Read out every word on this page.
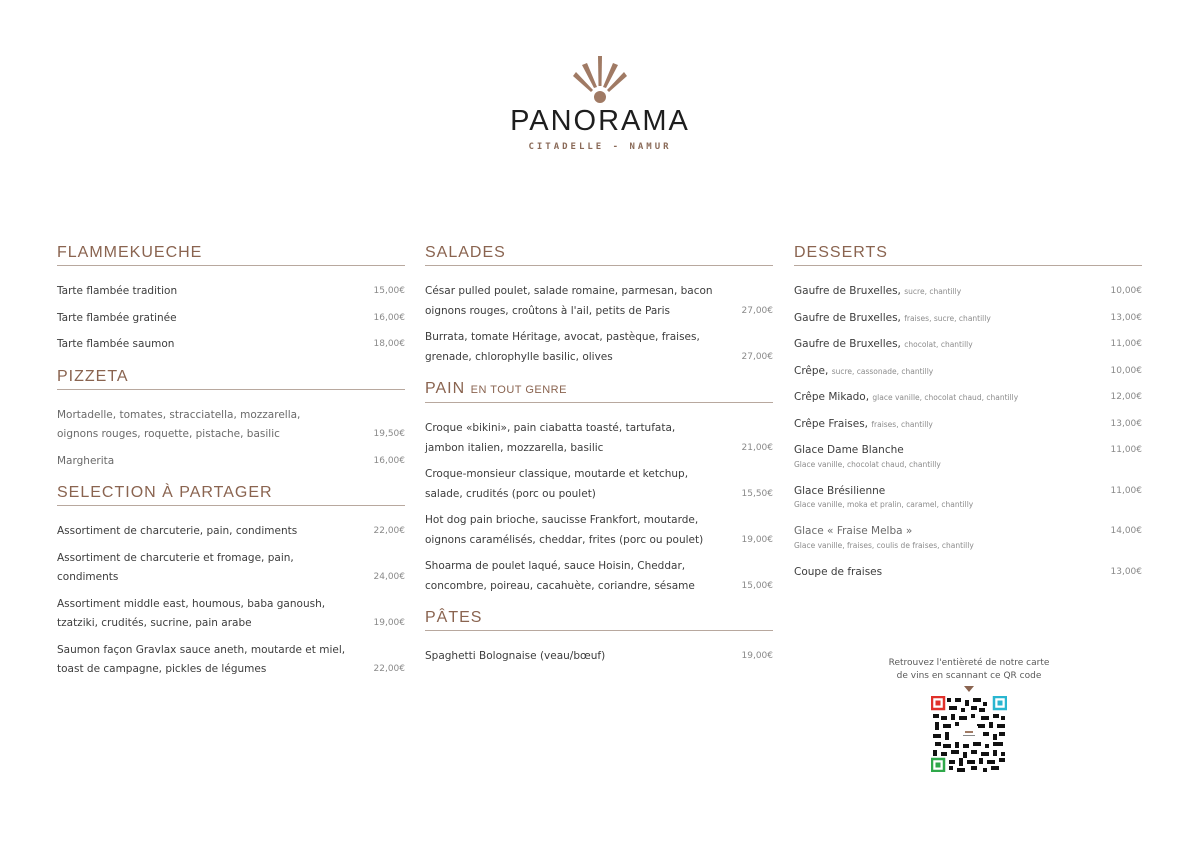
PANORAMA
CITADELLE - NAMUR
FLAMMEKUECHE
Tarte flambée tradition	15,00€
Tarte flambée gratinée	16,00€
Tarte flambée saumon	18,00€
PIZZETA
Mortadelle, tomates, stracciatella, mozzarella,
oignons rouges, roquette, pistache, basilic	19,50€
Margherita	16,00€
SELECTION À PARTAGER
Assortiment de charcuterie, pain, condiments	22,00€
Assortiment de charcuterie et fromage, pain,
condiments	24,00€
Assortiment middle east, houmous, baba ganoush,
tzatziki, crudités, sucrine, pain arabe	19,00€
Saumon façon Gravlax sauce aneth, moutarde et miel,
toast de campagne, pickles de légumes	22,00€
SALADES
César pulled poulet, salade romaine, parmesan, bacon
oignons rouges, croûtons à l'ail, petits de Paris	27,00€
Burrata, tomate Héritage, avocat, pastèque, fraises,
grenade, chlorophylle basilic, olives	27,00€
PAIN EN TOUT GENRE
Croque «bikini», pain ciabatta toasté, tartufata,
jambon italien, mozzarella, basilic	21,00€
Croque-monsieur classique, moutarde et ketchup,
salade, crudités (porc ou poulet)	15,50€
Hot dog pain brioche, saucisse Frankfort, moutarde,
oignons caramélisés, cheddar, frites (porc ou poulet)	19,00€
Shoarma de poulet laqué, sauce Hoisin, Cheddar,
concombre, poireau, cacahuète, coriandre, sésame	15,00€
PÂTES
Spaghetti Bolognaise (veau/bœuf)	19,00€
DESSERTS
Gaufre de Bruxelles, sucre, chantilly	10,00€
Gaufre de Bruxelles, fraises, sucre, chantilly	13,00€
Gaufre de Bruxelles, chocolat, chantilly	11,00€
Crêpe, sucre, cassonade, chantilly	10,00€
Crêpe Mikado, glace vanille, chocolat chaud, chantilly	12,00€
Crêpe Fraises, fraises, chantilly	13,00€
Glace Dame Blanche	11,00€
Glace vanille, chocolat chaud, chantilly
Glace Brésilienne	11,00€
Glace vanille, moka et pralin, caramel, chantilly
Glace « Fraise Melba »	14,00€
Glace vanille, fraises, coulis de fraises, chantilly
Coupe de fraises	13,00€
Retrouvez l'entièreté de notre carte
de vins en scannant ce QR code
